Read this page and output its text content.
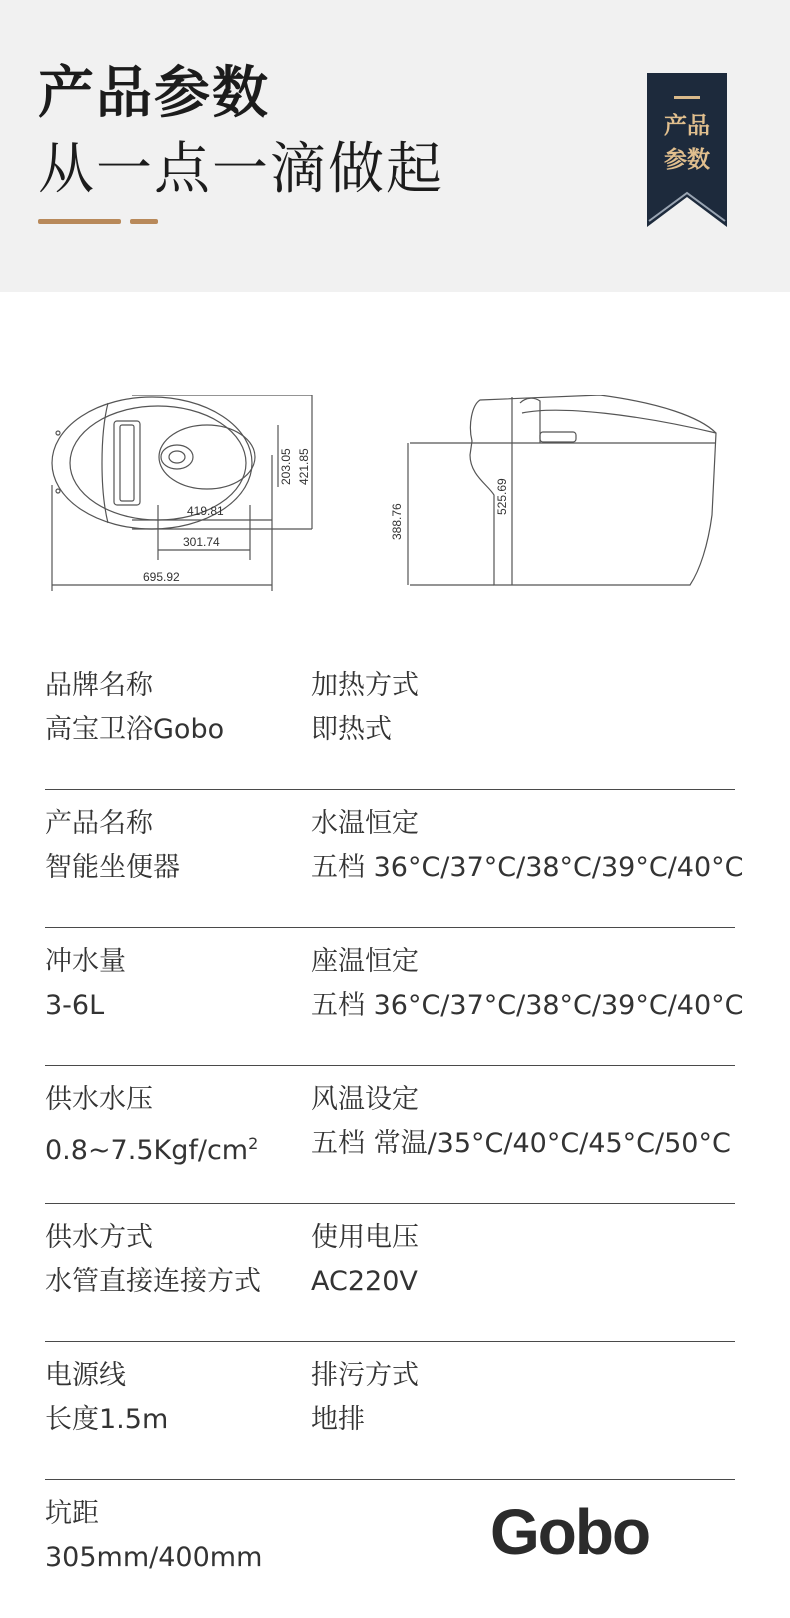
产品参数
从一点一滴做起
产品
参数
419.81
203.05 421.85
301.74
695.92
388.76
525.69
品牌名称
高宝卫浴Gobo
加热方式
即热式
产品名称
智能坐便器
水温恒定
五档 36°C/37°C/38°C/39°C/40°C
冲水量
3-6L
座温恒定
五档 36°C/37°C/38°C/39°C/40°C
供水水压
$0.8\sim 7.5Kgf/cm^2$
风温设定
五档 常温/35°C/40°C/45°C/50°C
供水方式
水管直接连接方式
使用电压
AC220V
电源线
长度1.5m
排污方式
地排
坑距
305mm/400mm	Gobo
